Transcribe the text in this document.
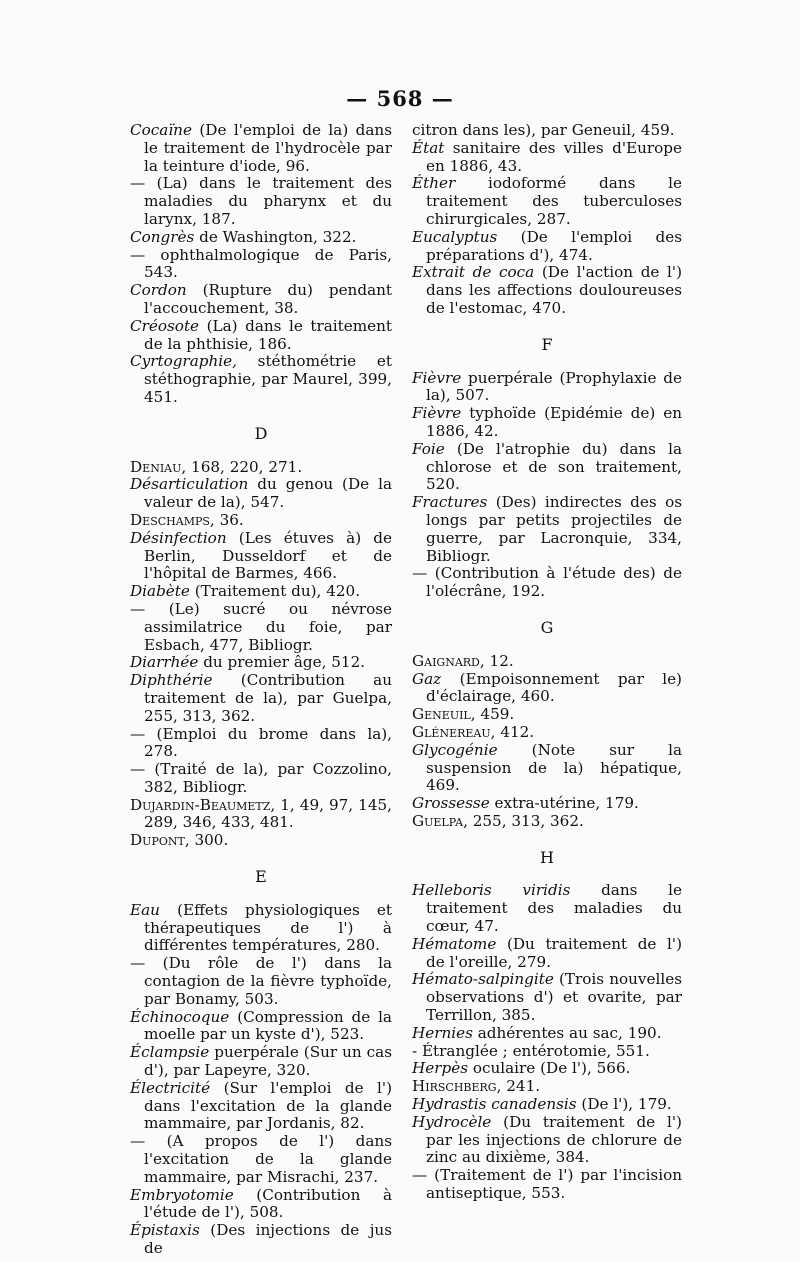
— 568 —

Cocaïne (De l'emploi de la) dans le traitement de l'hydrocèle par la teinture d'iode, 96.

— (La) dans le traitement des maladies du pharynx et du larynx, 187.

Congrès de Washington, 322.

— ophthalmologique de Paris, 543.

Cordon (Rupture du) pendant l'accouchement, 38.

Créosote (La) dans le traitement de la phthisie, 186.

Cyrtographie, stéthométrie et stéthographie, par Maurel, 399, 451.

D

Deniau, 168, 220, 271.

Désarticulation du genou (De la valeur de la), 547.

Deschamps, 36.

Désinfection (Les étuves à) de Berlin, Dusseldorf et de l'hôpital de Barmes, 466.

Diabète (Traitement du), 420.

— (Le) sucré ou névrose assimilatrice du foie, par Esbach, 477, Bibliogr.

Diarrhée du premier âge, 512.

Diphthérie (Contribution au traitement de la), par Guelpa, 255, 313, 362.

— (Emploi du brome dans la), 278.

— (Traité de la), par Cozzolino, 382, Bibliogr.

Dujardin-Beaumetz, 1, 49, 97, 145, 289, 346, 433, 481.

Dupont, 300.

E

Eau (Effets physiologiques et thérapeutiques de l') à différentes températures, 280.

— (Du rôle de l') dans la contagion de la fièvre typhoïde, par Bonamy, 503.

Échinocoque (Compression de la moelle par un kyste d'), 523.

Éclampsie puerpérale (Sur un cas d'), par Lapeyre, 320.

Électricité (Sur l'emploi de l') dans l'excitation de la glande mammaire, par Jordanis, 82.

— (A propos de l') dans l'excitation de la glande mammaire, par Misrachi, 237.

Embryotomie (Contribution à l'étude de l'), 508.

Épistaxis (Des injections de jus de

citron dans les), par Geneuil, 459.

État sanitaire des villes d'Europe en 1886, 43.

Éther iodoformé dans le traitement des tuberculoses chirurgicales, 287.

Eucalyptus (De l'emploi des préparations d'), 474.

Extrait de coca (De l'action de l') dans les affections douloureuses de l'estomac, 470.

F

Fièvre puerpérale (Prophylaxie de la), 507.

Fièvre typhoïde (Epidémie de) en 1886, 42.

Foie (De l'atrophie du) dans la chlorose et de son traitement, 520.

Fractures (Des) indirectes des os longs par petits projectiles de guerre, par Lacronquie, 334, Bibliogr.

— (Contribution à l'étude des) de l'olécrâne, 192.

G

Gaignard, 12.

Gaz (Empoisonnement par le) d'éclairage, 460.

Geneuil, 459.

Glénereau, 412.

Glycogénie (Note sur la suspension de la) hépatique, 469.

Grossesse extra-utérine, 179.

Guelpa, 255, 313, 362.

H

Helleboris viridis dans le traitement des maladies du cœur, 47.

Hématome (Du traitement de l') de l'oreille, 279.

Hémato-salpingite (Trois nouvelles observations d') et ovarite, par Terrillon, 385.

Hernies adhérentes au sac, 190.

- Étranglée ; entérotomie, 551.

Herpès oculaire (De l'), 566.

Hirschberg, 241.

Hydrastis canadensis (De l'), 179.

Hydrocèle (Du traitement de l') par les injections de chlorure de zinc au dixième, 384.

— (Traitement de l') par l'incision antiseptique, 553.
